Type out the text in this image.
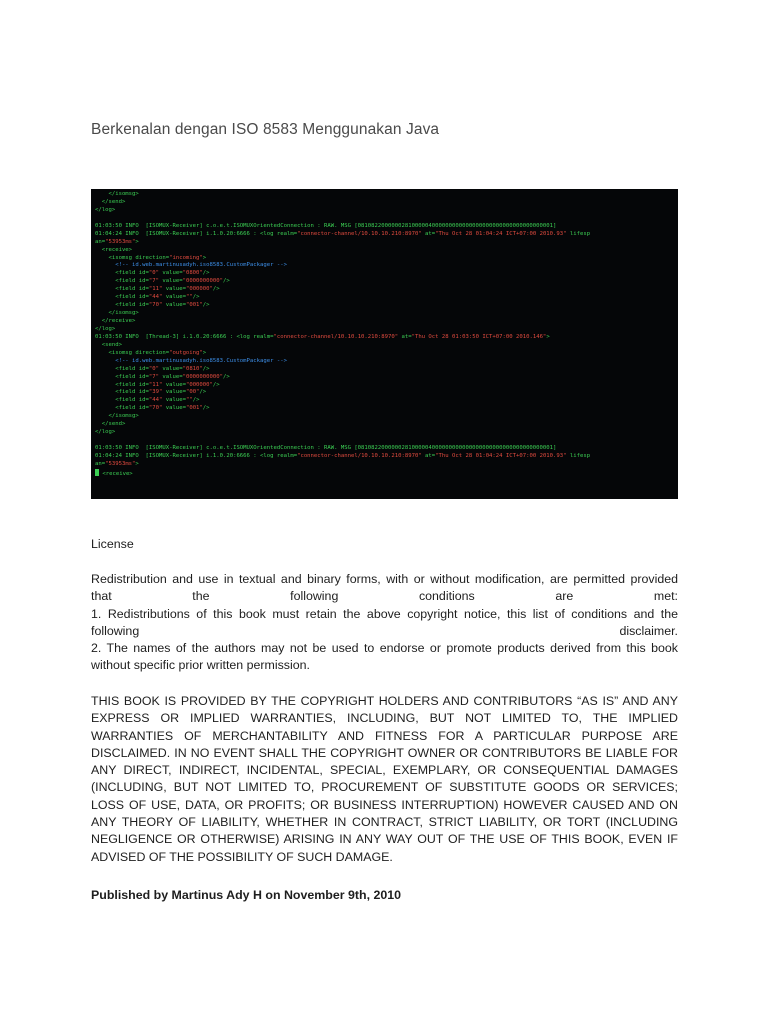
Berkenalan dengan ISO 8583 Menggunakan Java
</isomsg>
</send>
</log>
01:03:50 INFO  [ISOMUX-Receiver] c.o.e.t.ISOMUXOrientedConnection : RAW. MSG [0810822000000281000004000000000000000000000000000000000001]
01:04:24 INFO  [ISOMUX-Receiver] i.1.0.20:6666 : <log realm="connector-channel/10.10.10.210:8970" at="Thu Oct 28 01:04:24 ICT+07:00 2010.93" lifesp
an="53953ms">
<receive>
<isomsg direction="incoming">
<!-- id.web.martinusadyh.iso8583.CustomPackager -->
<field id="0" value="0800"/>
<field id="7" value="0000000000"/>
<field id="11" value="000000"/>
<field id="44" value=""/>
<field id="70" value="001"/>
</isomsg>
</receive>
</log>
01:03:50 INFO  [Thread-3] i.1.0.20:6666 : <log realm="connector-channel/10.10.10.210:8970" at="Thu Oct 28 01:03:50 ICT+07:00 2010.146">
<send>
<isomsg direction="outgoing">
<!-- id.web.martinusadyh.iso8583.CustomPackager -->
<field id="0" value="0810"/>
<field id="7" value="0000000000"/>
<field id="11" value="000000"/>
<field id="39" value="00"/>
<field id="44" value=""/>
<field id="70" value="001"/>
</isomsg>
</send>
</log>
01:03:50 INFO  [ISOMUX-Receiver] c.o.e.t.ISOMUXOrientedConnection : RAW. MSG [0810822000000281000004000000000000000000000000000000000001]
01:04:24 INFO  [ISOMUX-Receiver] i.1.0.20:6666 : <log realm="connector-channel/10.10.10.210:8970" at="Thu Oct 28 01:04:24 ICT+07:00 2010.93" lifesp
an="53953ms">
<receive>
License

Redistribution and use in textual and binary forms, with or without modification, are permitted provided

that the following conditions are met:

1. Redistributions of this book must retain the above copyright notice, this list of conditions and the

following disclaimer.

2. The names of the authors may not be used to endorse or promote products derived from this book

without specific prior written permission.

THIS BOOK IS PROVIDED BY THE COPYRIGHT HOLDERS AND CONTRIBUTORS “AS IS” AND ANY EXPRESS OR IMPLIED WARRANTIES, INCLUDING, BUT NOT LIMITED TO, THE IMPLIED WARRANTIES OF MERCHANTABILITY AND FITNESS FOR A PARTICULAR PURPOSE ARE DISCLAIMED. IN NO EVENT SHALL THE COPYRIGHT OWNER OR CONTRIBUTORS BE LIABLE FOR ANY DIRECT, INDIRECT, INCIDENTAL, SPECIAL, EXEMPLARY, OR CONSEQUENTIAL DAMAGES (INCLUDING, BUT NOT LIMITED TO, PROCUREMENT OF SUBSTITUTE GOODS OR SERVICES; LOSS OF USE, DATA, OR PROFITS; OR BUSINESS INTERRUPTION) HOWEVER CAUSED AND ON ANY THEORY OF LIABILITY, WHETHER IN CONTRACT, STRICT LIABILITY, OR TORT (INCLUDING NEGLIGENCE OR OTHERWISE) ARISING IN ANY WAY OUT OF THE USE OF THIS BOOK, EVEN IF ADVISED OF THE POSSIBILITY OF SUCH DAMAGE.

Published by Martinus Ady H on November 9th, 2010
